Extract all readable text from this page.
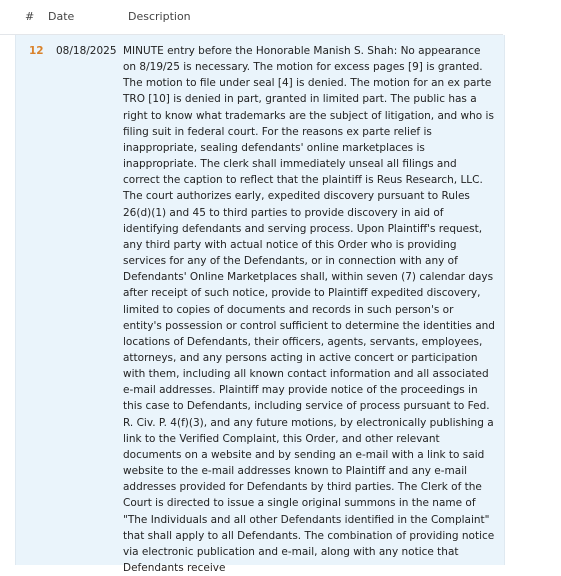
# Date	Description
12 08/18/2025 MINUTE entry before the Honorable Manish S. Shah: No appearance on 8/19/25 is necessary. The motion for excess pages [9] is granted. The motion to file under seal [4] is denied. The motion for an ex parte TRO [10] is denied in part, granted in limited part. The public has a right to know what trademarks are the subject of litigation, and who is filing suit in federal court. For the reasons ex parte relief is inappropriate, sealing defendants' online marketplaces is inappropriate. The clerk shall immediately unseal all filings and correct the caption to reflect that the plaintiff is Reus Research, LLC. The court authorizes early, expedited discovery pursuant to Rules 26(d)(1) and 45 to third parties to provide discovery in aid of identifying defendants and serving process. Upon Plaintiff's request, any third party with actual notice of this Order who is providing services for any of the Defendants, or in connection with any of Defendants' Online Marketplaces shall, within seven (7) calendar days after receipt of such notice, provide to Plaintiff expedited discovery, limited to copies of documents and records in such person's or entity's possession or control sufficient to determine the identities and locations of Defendants, their officers, agents, servants, employees, attorneys, and any persons acting in active concert or participation with them, including all known contact information and all associated e-mail addresses. Plaintiff may provide notice of the proceedings in this case to Defendants, including service of process pursuant to Fed. R. Civ. P. 4(f)(3), and any future motions, by electronically publishing a link to the Verified Complaint, this Order, and other relevant documents on a website and by sending an e-mail with a link to said website to the e-mail addresses known to Plaintiff and any e-mail addresses provided for Defendants by third parties. The Clerk of the Court is directed to issue a single original summons in the name of "The Individuals and all other Defendants identified in the Complaint" that shall apply to all Defendants. The combination of providing notice via electronic publication and e-mail, along with any notice that Defendants receive
